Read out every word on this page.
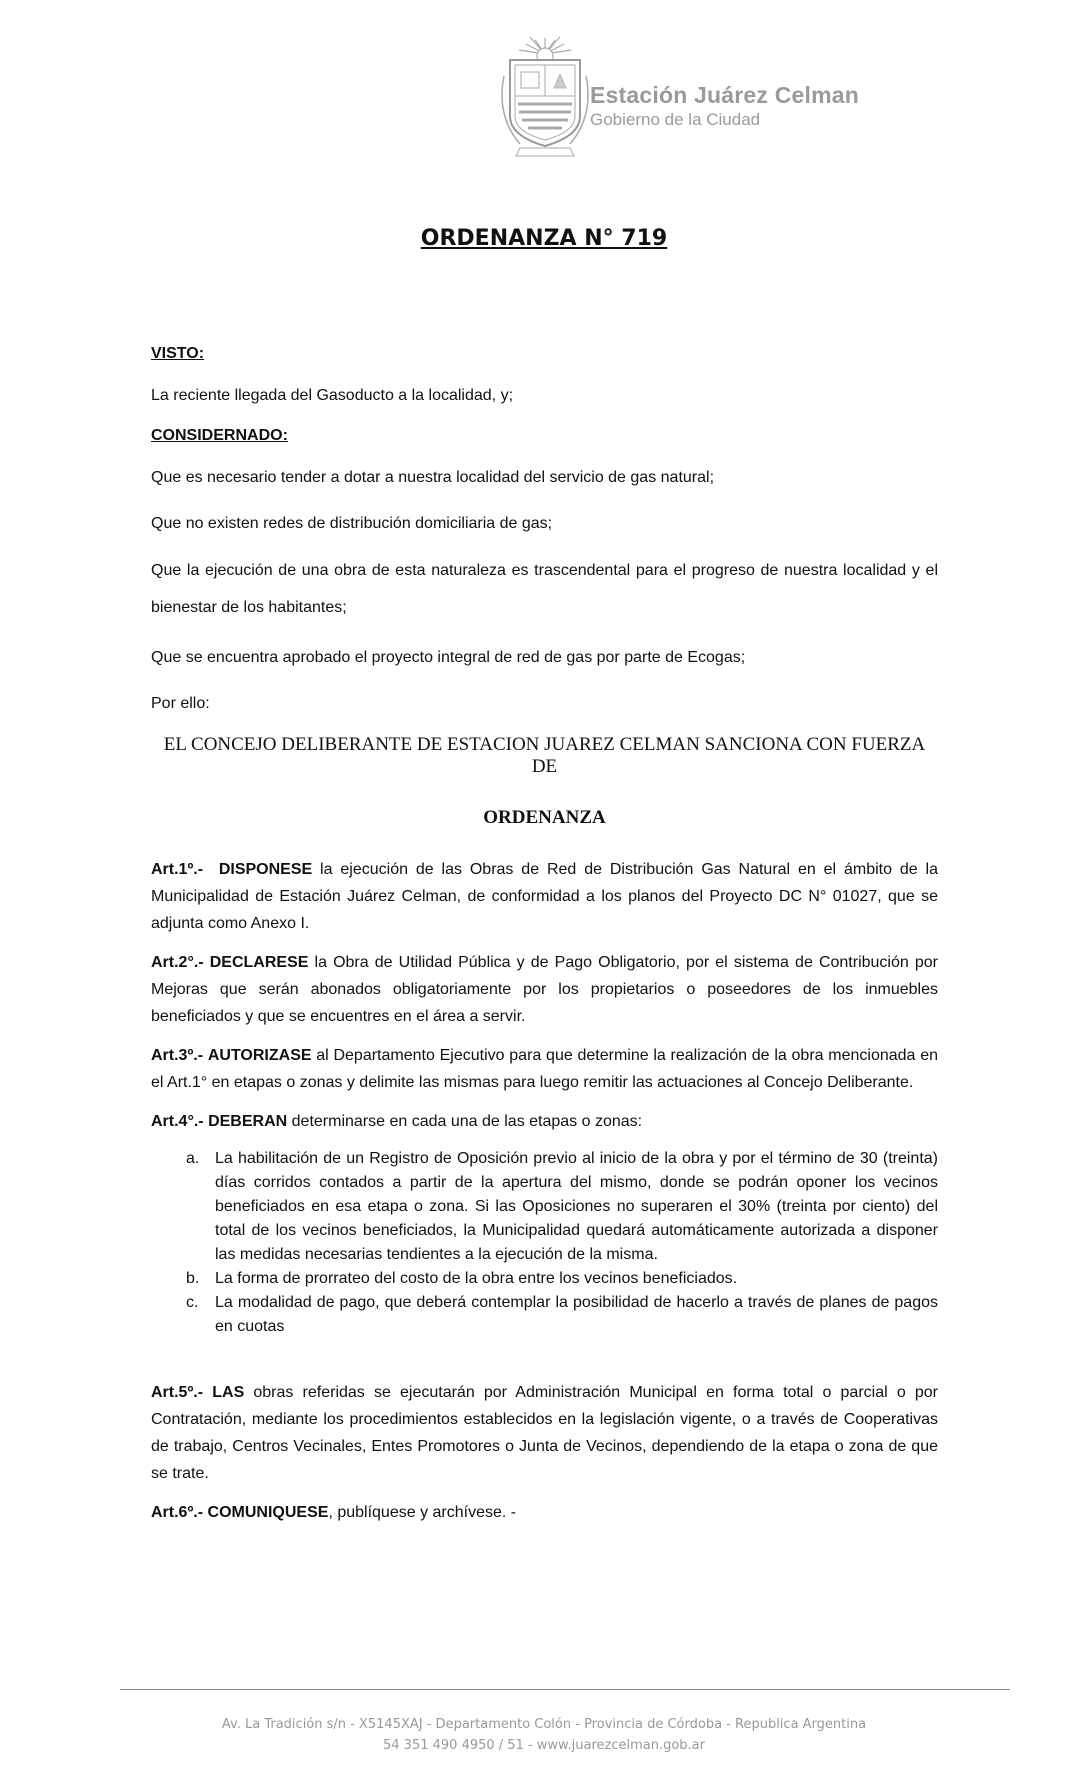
Estación Juárez Celman
Gobierno de la Ciudad
ORDENANZA N° 719

VISTO:

La reciente llegada del Gasoducto a la localidad, y;

CONSIDERNADO:

Que es necesario tender a dotar a nuestra localidad del servicio de gas natural;

Que no existen redes de distribución domiciliaria de gas;

Que la ejecución de una obra de esta naturaleza es trascendental para el progreso de nuestra localidad y el bienestar de los habitantes;

Que se encuentra aprobado el proyecto integral de red de gas por parte de Ecogas;

Por ello:

EL CONCEJO DELIBERANTE DE ESTACION JUAREZ CELMAN SANCIONA CON FUERZA DE

ORDENANZA

Art.1º.- DISPONESE la ejecución de las Obras de Red de Distribución Gas Natural en el ámbito de la Municipalidad de Estación Juárez Celman, de conformidad a los planos del Proyecto DC N° 01027, que se adjunta como Anexo I.

Art.2°.- DECLARESE la Obra de Utilidad Pública y de Pago Obligatorio, por el sistema de Contribución por Mejoras que serán abonados obligatoriamente por los propietarios o poseedores de los inmuebles beneficiados y que se encuentres en el área a servir.

Art.3º.- AUTORIZASE al Departamento Ejecutivo para que determine la realización de la obra mencionada en el Art.1° en etapas o zonas y delimite las mismas para luego remitir las actuaciones al Concejo Deliberante.

Art.4°.- DEBERAN determinarse en cada una de las etapas o zonas:

a. La habilitación de un Registro de Oposición previo al inicio de la obra y por el término de 30 (treinta) días corridos contados a partir de la apertura del mismo, donde se podrán oponer los vecinos beneficiados en esa etapa o zona. Si las Oposiciones no superaren el 30% (treinta por ciento) del total de los vecinos beneficiados, la Municipalidad quedará automáticamente autorizada a disponer las medidas necesarias tendientes a la ejecución de la misma.
b. La forma de prorrateo del costo de la obra entre los vecinos beneficiados.
c. La modalidad de pago, que deberá contemplar la posibilidad de hacerlo a través de planes de pagos en cuotas

Art.5º.- LAS obras referidas se ejecutarán por Administración Municipal en forma total o parcial o por Contratación, mediante los procedimientos establecidos en la legislación vigente, o a través de Cooperativas de trabajo, Centros Vecinales, Entes Promotores o Junta de Vecinos, dependiendo de la etapa o zona de que se trate.

Art.6º.- COMUNIQUESE, publíquese y archívese. -

Av. La Tradición s/n - X5145XAJ - Departamento Colón - Provincia de Córdoba - Republica Argentina
54 351 490 4950 / 51 - www.juarezcelman.gob.ar
